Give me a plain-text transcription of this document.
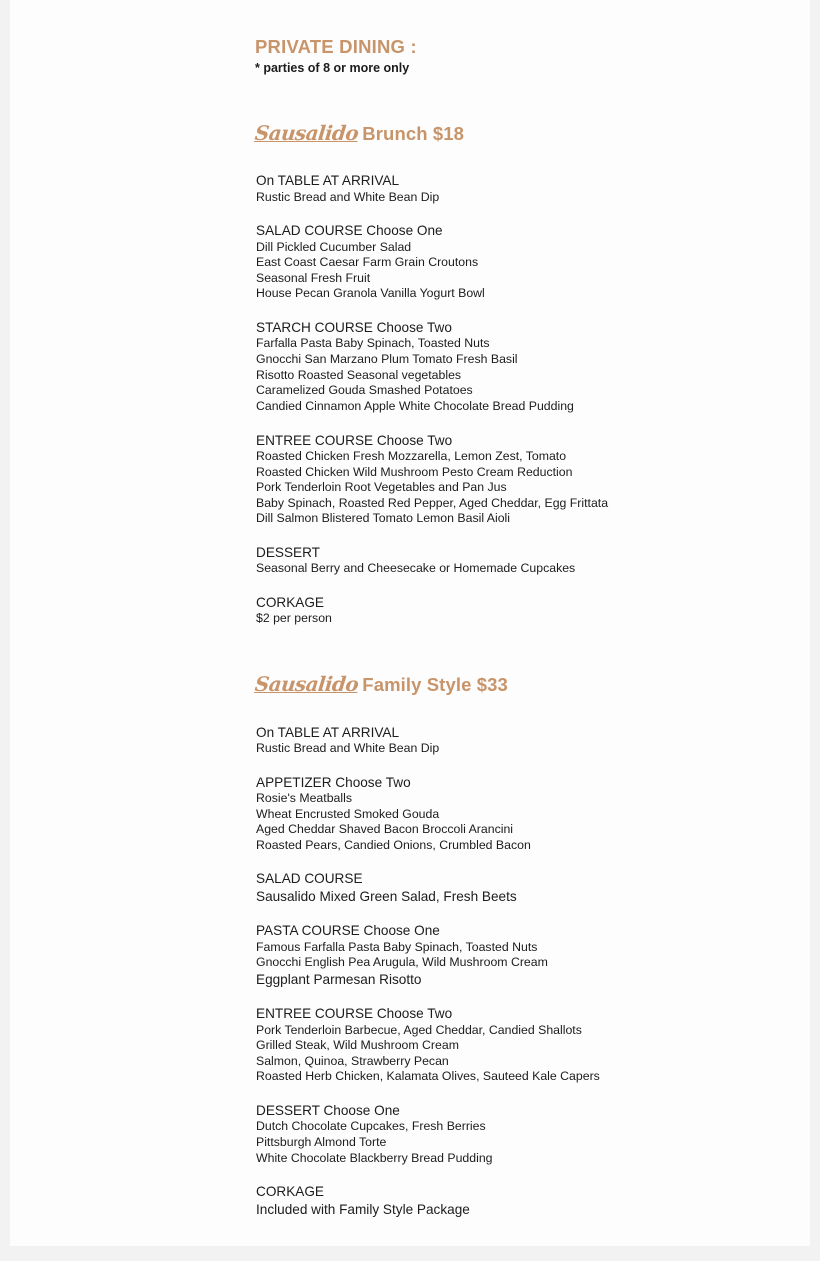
PRIVATE DINING :
* parties of 8 or more only
Sausalido Brunch $18
On TABLE AT ARRIVAL
Rustic Bread and White Bean Dip
SALAD COURSE Choose One
Dill Pickled Cucumber Salad
East Coast Caesar Farm Grain Croutons
Seasonal Fresh Fruit
House Pecan Granola Vanilla Yogurt Bowl
STARCH COURSE Choose Two
Farfalla Pasta Baby Spinach, Toasted Nuts
Gnocchi San Marzano Plum Tomato Fresh Basil
Risotto Roasted Seasonal vegetables
Caramelized Gouda Smashed Potatoes
Candied Cinnamon Apple White Chocolate Bread Pudding
ENTREE COURSE Choose Two
Roasted Chicken Fresh Mozzarella, Lemon Zest, Tomato
Roasted Chicken Wild Mushroom Pesto Cream Reduction
Pork Tenderloin Root Vegetables and Pan Jus
Baby Spinach, Roasted Red Pepper, Aged Cheddar, Egg Frittata
Dill Salmon Blistered Tomato Lemon Basil Aioli
DESSERT
Seasonal Berry and Cheesecake or Homemade Cupcakes
CORKAGE
$2 per person
Sausalido Family Style $33
On TABLE AT ARRIVAL
Rustic Bread and White Bean Dip
APPETIZER Choose Two
Rosie's Meatballs
Wheat Encrusted Smoked Gouda
Aged Cheddar Shaved Bacon Broccoli Arancini
Roasted Pears, Candied Onions, Crumbled Bacon
SALAD COURSE
Sausalido Mixed Green Salad, Fresh Beets
PASTA COURSE Choose One
Famous Farfalla Pasta Baby Spinach, Toasted Nuts
Gnocchi English Pea Arugula, Wild Mushroom Cream
Eggplant Parmesan Risotto
ENTREE COURSE Choose Two
Pork Tenderloin Barbecue, Aged Cheddar, Candied Shallots
Grilled Steak, Wild Mushroom Cream
Salmon, Quinoa, Strawberry Pecan
Roasted Herb Chicken, Kalamata Olives, Sauteed Kale Capers
DESSERT Choose One
Dutch Chocolate Cupcakes, Fresh Berries
Pittsburgh Almond Torte
White Chocolate Blackberry Bread Pudding
CORKAGE
Included with Family Style Package
